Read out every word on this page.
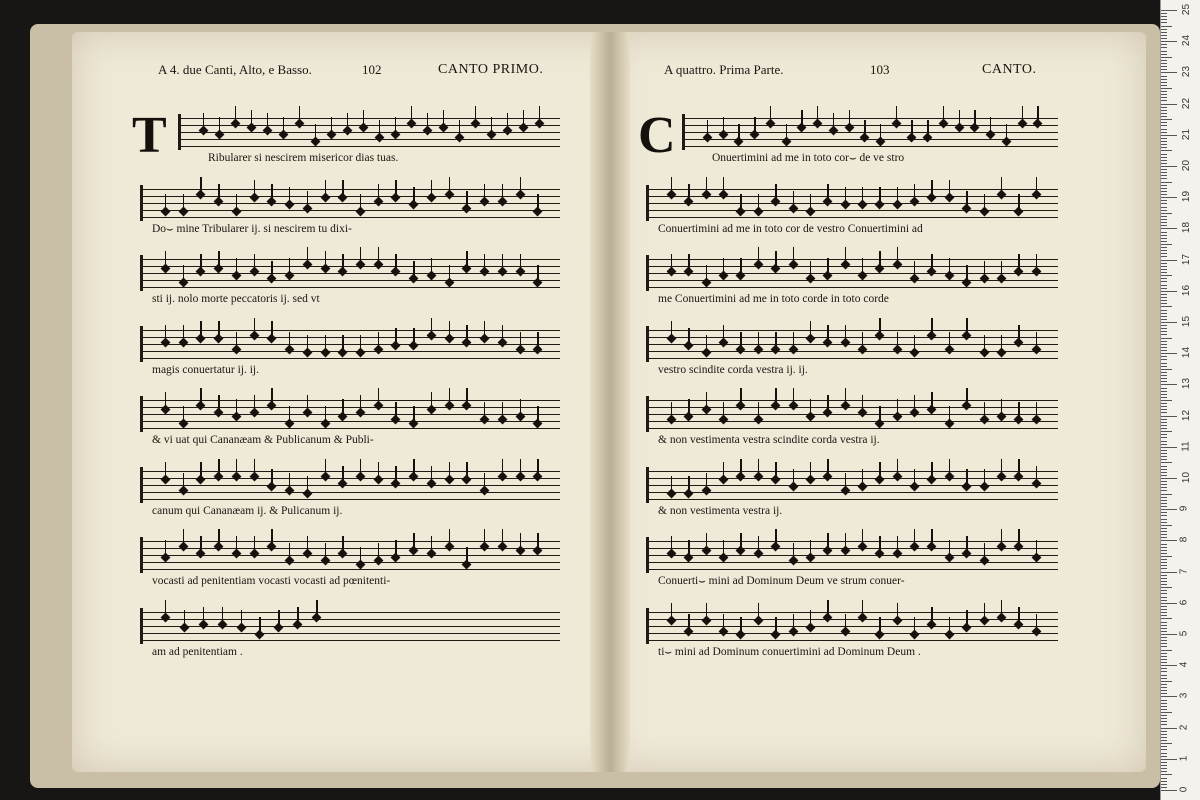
A 4. due Canti, Alto, e Basso.	102	CANTO PRIMO.
T
A quattro. Prima Parte.	103	CANTO.
C
Ribularer si nescirem misericor dias tuas.
Do⌣ mine Tribularer ij. si nescirem tu dixi-
sti ij. nolo morte peccatoris ij. sed vt
magis conuertatur ij. ij.
& vi uat qui Cananæam & Publicanum & Publi-
canum qui Cananæam ij. & Pulicanum ij.
vocasti ad penitentiam vocasti vocasti ad pœnitenti-
am ad penitentiam .
Onuertimini ad me in toto cor⌣ de ve stro
Conuertimini ad me in toto cor de vestro Conuertimini ad
me Conuertimini ad me in toto corde in toto corde
vestro scindite corda vestra ij. ij.
& non vestimenta vestra scindite corda vestra ij.
& non vestimenta vestra ij.
Conuerti⌣ mini ad Dominum Deum ve strum conuer-
ti⌣ mini ad Dominum conuertimini ad Dominum Deum .
0
1
2
3
4
5
6
7
8
9
10
11
12
13
14
15
16
17
18
19
20
21
22
23
24
25
